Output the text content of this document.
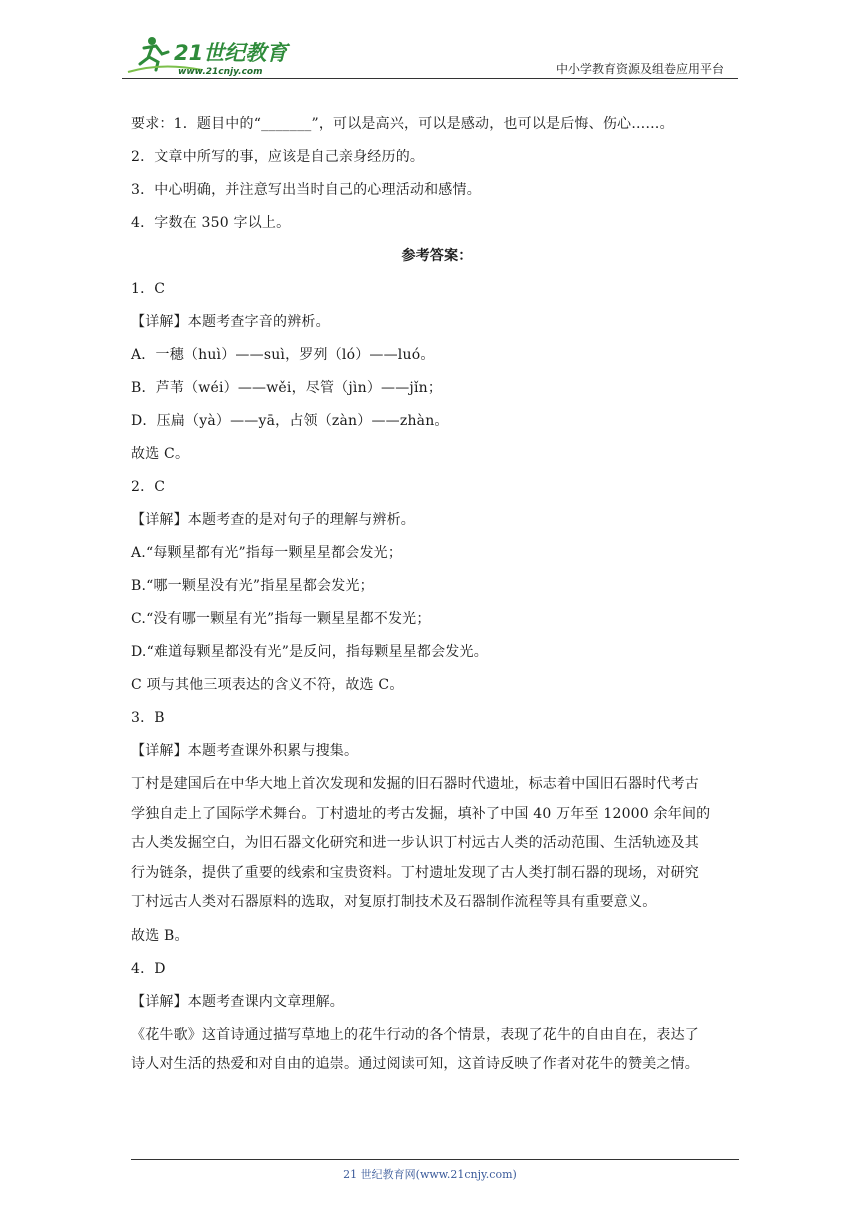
21世纪教育
www.21cnjy.com	中小学教育资源及组卷应用平台
要求：1．题目中的“_______”，可以是高兴，可以是感动，也可以是后悔、伤心……。
2．文章中所写的事，应该是自己亲身经历的。
3．中心明确，并注意写出当时自己的心理活动和感情。
4．字数在 350 字以上。
参考答案：
1．C
【详解】本题考查字音的辨析。
A．一穗（huì）——suì，罗列（ló）——luó。
B．芦苇（wéi）——wěi，尽管（jìn）——jǐn；
D．压扁（yà）——yā，占领（zàn）——zhàn。
故选 C。
2．C
【详解】本题考查的是对句子的理解与辨析。
A.“每颗星都有光”指每一颗星星都会发光；
B.“哪一颗星没有光”指星星都会发光；
C.“没有哪一颗星有光”指每一颗星星都不发光；
D.“难道每颗星都没有光”是反问，指每颗星星都会发光。
C 项与其他三项表达的含义不符，故选 C。
3．B
【详解】本题考查课外积累与搜集。
丁村是建国后在中华大地上首次发现和发掘的旧石器时代遗址，标志着中国旧石器时代考古
学独自走上了国际学术舞台。丁村遗址的考古发掘，填补了中国 40 万年至 12000 余年间的
古人类发掘空白，为旧石器文化研究和进一步认识丁村远古人类的活动范围、生活轨迹及其
行为链条，提供了重要的线索和宝贵资料。丁村遗址发现了古人类打制石器的现场，对研究
丁村远古人类对石器原料的选取，对复原打制技术及石器制作流程等具有重要意义。
故选 B。
4．D
【详解】本题考查课内文章理解。
《花牛歌》这首诗通过描写草地上的花牛行动的各个情景，表现了花牛的自由自在，表达了
诗人对生活的热爱和对自由的追崇。通过阅读可知，这首诗反映了作者对花牛的赞美之情。
21 世纪教育网(www.21cnjy.com)
